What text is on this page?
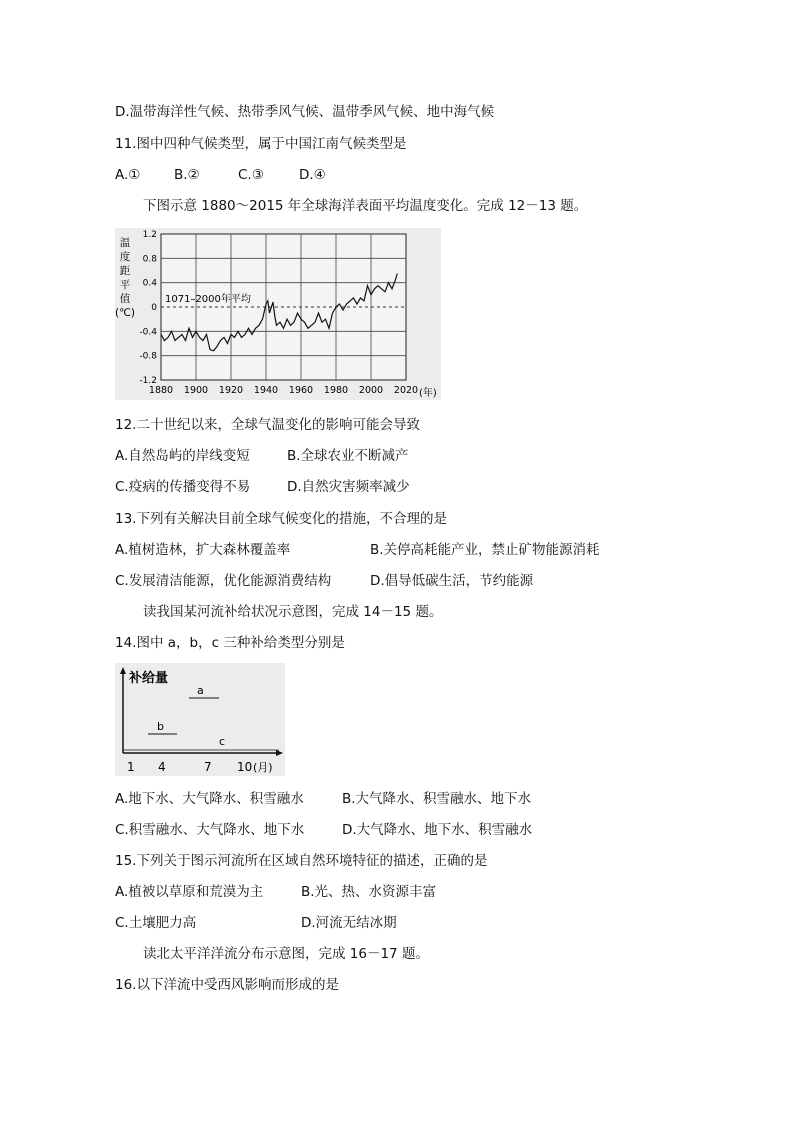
D.温带海洋性气候、热带季风气候、温带季风气候、地中海气候
11.图中四种气候类型，属于中国江南气候类型是
A.① B.②	C.③	D.④
下图示意 1880～2015 年全球海洋表面平均温度变化。完成 12－13 题。
1.2
0.8
0.4
0
-0.4
-0.8
-1.2
1880 1900 1920 1940 1960 1980 2000 2020
1071–2000年平均
温
度
距
平
值
(℃)
(年)
12.二十世纪以来，全球气温变化的影响可能会导致
A.自然岛屿的岸线变短	B.全球农业不断减产
C.疫病的传播变得不易	D.自然灾害频率减少
13.下列有关解决目前全球气候变化的措施，不合理的是
A.植树造林，扩大森林覆盖率	B.关停高耗能产业，禁止矿物能源消耗
C.发展清洁能源，优化能源消费结构	D.倡导低碳生活，节约能源
读我国某河流补给状况示意图，完成 14－15 题。
14.图中 a，b，c 三种补给类型分别是
补给量
a
b
c
1 4	7 10 (月)
A.地下水、大气降水、积雪融水	B.大气降水、积雪融水、地下水
C.积雪融水、大气降水、地下水	D.大气降水、地下水、积雪融水
15.下列关于图示河流所在区域自然环境特征的描述，正确的是
A.植被以草原和荒漠为主	B.光、热、水资源丰富
C.土壤肥力高	D.河流无结冰期
读北太平洋洋流分布示意图，完成 16－17 题。
16.以下洋流中受西风影响而形成的是
